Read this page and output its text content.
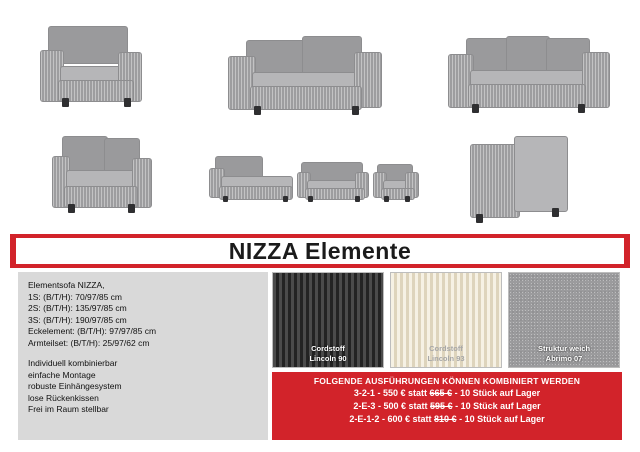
NIZZA Elemente

Elementsofa NIZZA,

1S: (B/T/H): 70/97/85 cm

2S: (B/T/H): 135/97/85 cm

3S: (B/T/H): 190/97/85 cm

Eckelement: (B/T/H): 97/97/85 cm

Armteilset: (B/T/H): 25/97/62 cm

Individuell kombinierbar

einfache Montage

robuste Einhängesystem

lose Rückenkissen

Frei im Raum stellbar

Cordstoff
Lincoln 90
Cordstoff
Lincoln 93
Struktur weich
Abrimo 07
FOLGENDE AUSFÜHRUNGEN KÖNNEN KOMBINIERT WERDEN
3-2-1 - 550 € statt 665 € - 10 Stück auf Lager
2-E-3 - 500 € statt 595 € - 10 Stück auf Lager
2-E-1-2 - 600 € statt 810 € - 10 Stück auf Lager
